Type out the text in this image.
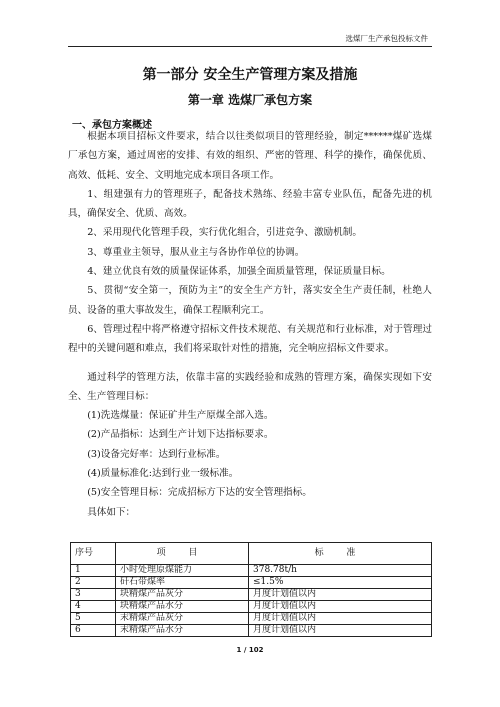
选煤厂生产承包投标文件
第一部分 安全生产管理方案及措施
第一章 选煤厂承包方案
一、承包方案概述

根据本项目招标文件要求，结合以往类似项目的管理经验，制定******煤矿选煤厂承包方案，通过周密的安排、有效的组织、严密的管理、科学的操作，确保优质、高效、低耗、安全、文明地完成本项目各项工作。

1、组建强有力的管理班子，配备技术熟练、经验丰富专业队伍，配备先进的机具，确保安全、优质、高效。

2、采用现代化管理手段，实行优化组合，引进竞争、激励机制。

3、尊重业主领导，服从业主与各协作单位的协调。

4、建立优良有效的质量保证体系，加强全面质量管理，保证质量目标。

5、贯彻“安全第一，预防为主”的安全生产方针，落实安全生产责任制，杜绝人员、设备的重大事故发生，确保工程顺利完工。

6、管理过程中将严格遵守招标文件技术规范、有关规范和行业标准，对于管理过程中的关键问题和难点，我们将采取针对性的措施，完全响应招标文件要求。

通过科学的管理方法，依靠丰富的实践经验和成熟的管理方案，确保实现如下安全、生产管理目标：

(1)洗选煤量：保证矿井生产原煤全部入选。

(2)产品指标：达到生产计划下达指标要求。

(3)设备完好率：达到行业标准。

(4)质量标准化:达到行业一级标准。

(5)安全管理目标：完成招标方下达的安全管理指标。

具体如下：

序号	项 目	标 准
1	小时处理原煤能力	378.78t/h
2	矸石带煤率	≤1.5%
3	块精煤产品灰分	月度计划值以内
4	块精煤产品水分	月度计划值以内
5	末精煤产品灰分	月度计划值以内
6	末精煤产品水分	月度计划值以内
1 / 102
